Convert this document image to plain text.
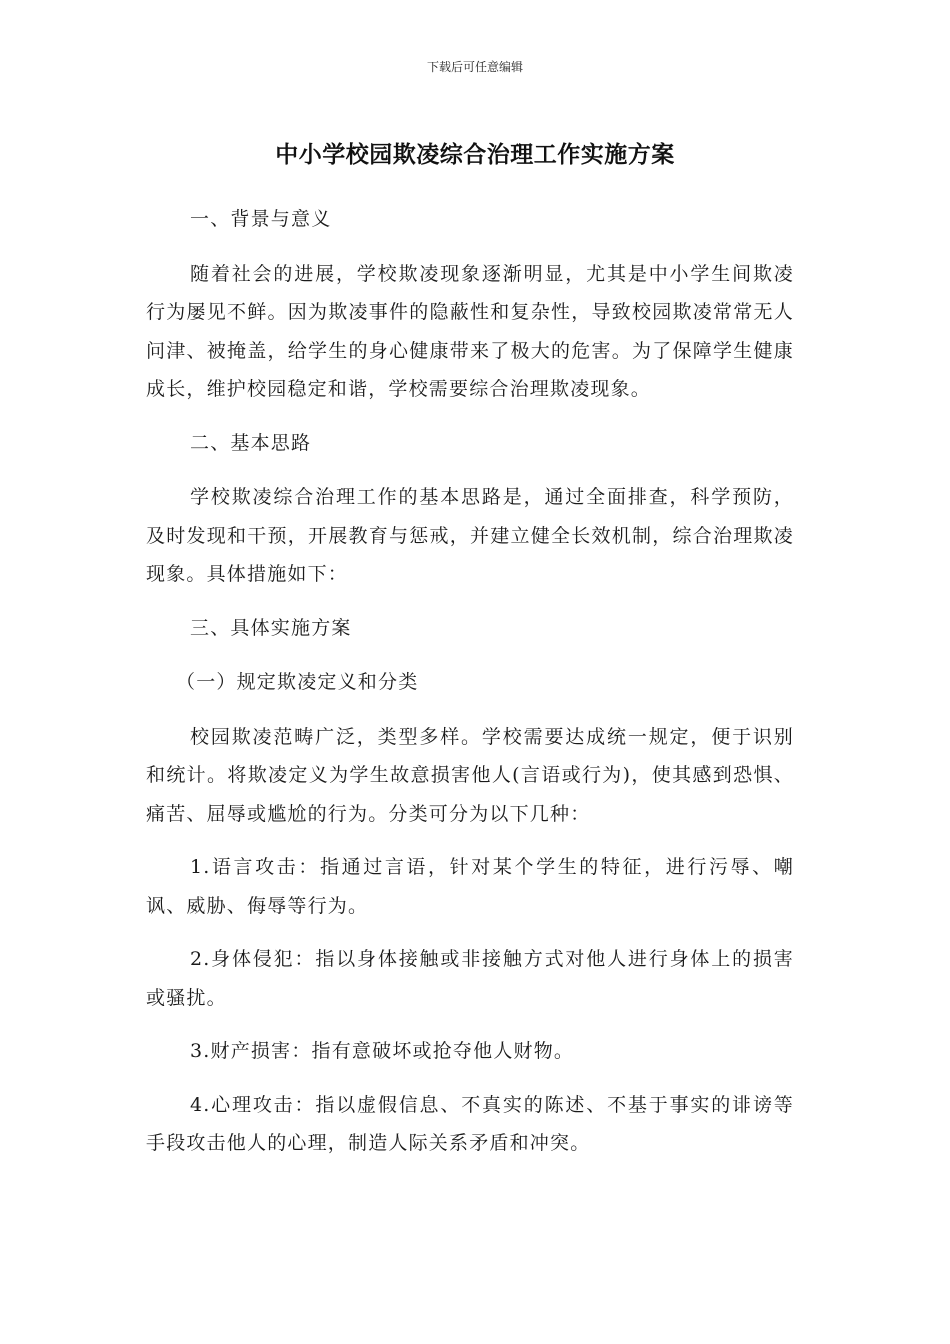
下载后可任意编辑
中小学校园欺凌综合治理工作实施方案

一、背景与意义

随着社会的进展，学校欺凌现象逐渐明显，尤其是中小学生间欺凌行为屡见不鲜。因为欺凌事件的隐蔽性和复杂性，导致校园欺凌常常无人问津、被掩盖，给学生的身心健康带来了极大的危害。为了保障学生健康成长，维护校园稳定和谐，学校需要综合治理欺凌现象。

二、基本思路

学校欺凌综合治理工作的基本思路是，通过全面排查，科学预防，及时发现和干预，开展教育与惩戒，并建立健全长效机制，综合治理欺凌现象。具体措施如下：

三、具体实施方案

（一）规定欺凌定义和分类

校园欺凌范畴广泛，类型多样。学校需要达成统一规定，便于识别和统计。将欺凌定义为学生故意损害他人(言语或行为)，使其感到恐惧、痛苦、屈辱或尴尬的行为。分类可分为以下几种：

1.语言攻击：指通过言语，针对某个学生的特征，进行污辱、嘲讽、威胁、侮辱等行为。

2.身体侵犯：指以身体接触或非接触方式对他人进行身体上的损害或骚扰。

3.财产损害：指有意破坏或抢夺他人财物。

4.心理攻击：指以虚假信息、不真实的陈述、不基于事实的诽谤等手段攻击他人的心理，制造人际关系矛盾和冲突。
